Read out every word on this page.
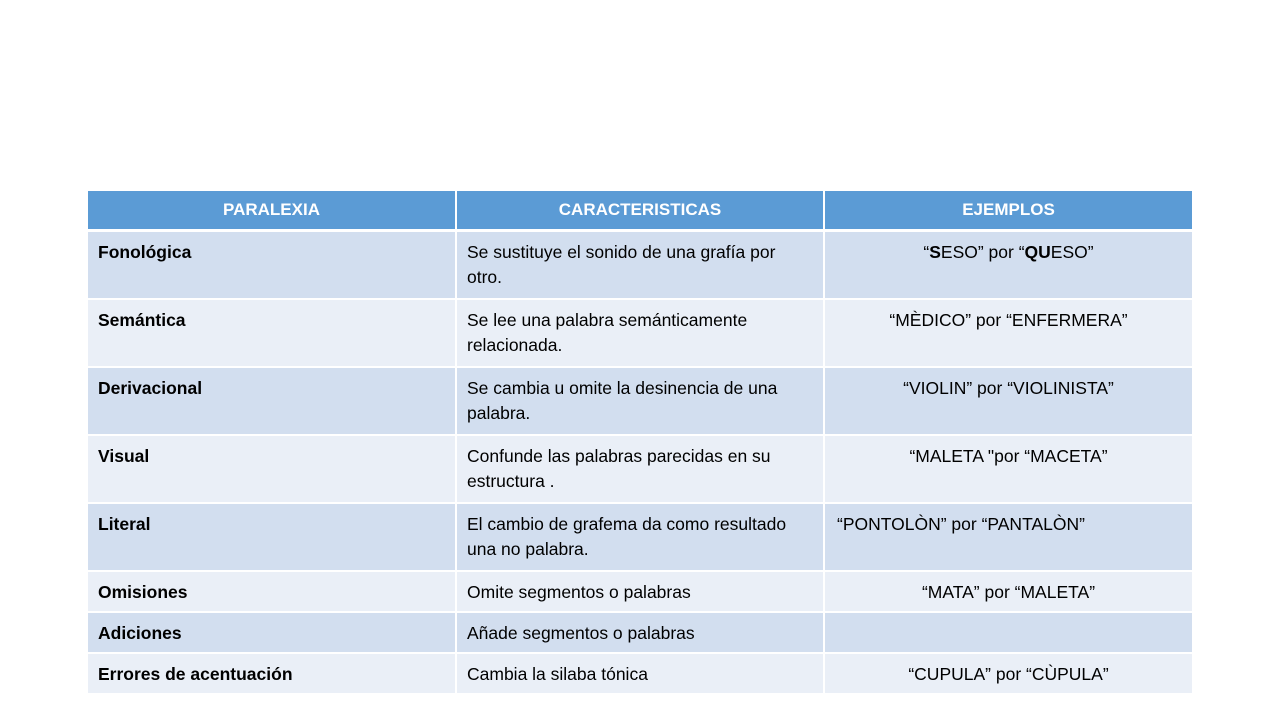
PARALEXIA	CARACTERISTICAS	EJEMPLOS
Fonológica	Se sustituye el sonido de una grafía por otro.	“SESO” por “QUESO”
Semántica	Se lee una palabra semánticamente relacionada.	“MÈDICO” por “ENFERMERA”
Derivacional	Se cambia u omite la desinencia de una palabra.	“VIOLIN” por “VIOLINISTA”
Visual	Confunde las palabras parecidas en su estructura .	“MALETA "por “MACETA”
Literal	El cambio de grafema da como resultado una no palabra.	“PONTOLÒN” por “PANTALÒN”
Omisiones	Omite segmentos o palabras	“MATA” por “MALETA”
Adiciones	Añade segmentos o palabras	
Errores de acentuación	Cambia la silaba tónica	“CUPULA” por “CÙPULA”
